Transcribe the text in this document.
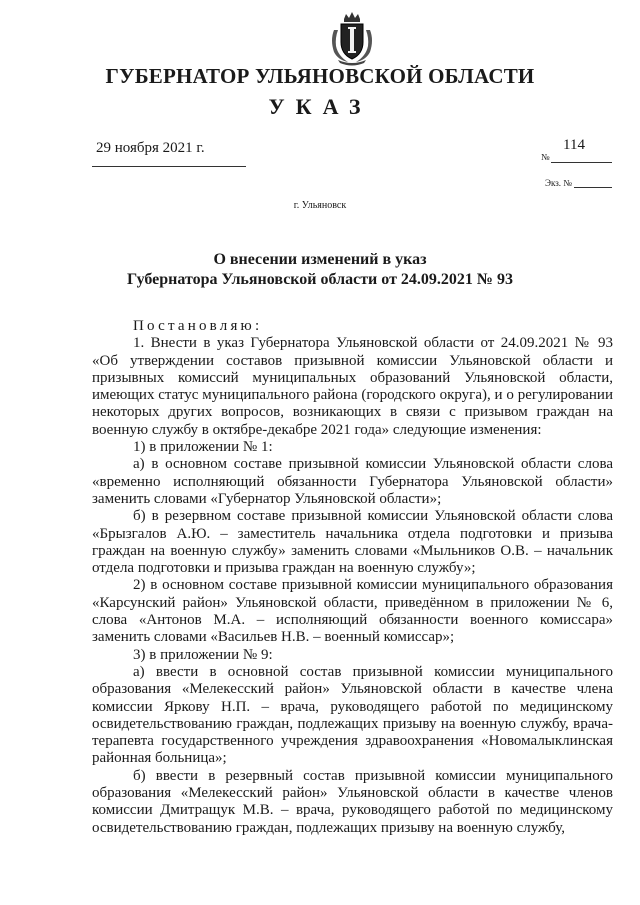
ГУБЕРНАТОР УЛЬЯНОВСКОЙ ОБЛАСТИ
УКАЗ
29 ноября 2021 г.
№
114
Экз. №
г. Ульяновск
О внесении изменений в указ
Губернатора Ульяновской области от 24.09.2021 № 93

Постановляю:

1. Внести в указ Губернатора Ульяновской области от 24.09.2021 № 93 «Об утверждении составов призывной комиссии Ульяновской области и призывных комиссий муниципальных образований Ульяновской области, имеющих статус муниципального района (городского округа), и о регулировании некоторых других вопросов, возникающих в связи с призывом граждан на военную службу в октябре-декабре 2021 года» следующие изменения:

1) в приложении № 1:

а) в основном составе призывной комиссии Ульяновской области слова «временно исполняющий обязанности Губернатора Ульяновской области» заменить словами «Губернатор Ульяновской области»;

б) в резервном составе призывной комиссии Ульяновской области слова «Брызгалов А.Ю. – заместитель начальника отдела подготовки и призыва граждан на военную службу» заменить словами «Мыльников О.В. – начальник отдела подготовки и призыва граждан на военную службу»;

2) в основном составе призывной комиссии муниципального образования «Карсунский район» Ульяновской области, приведённом в приложении № 6, слова «Антонов М.А. – исполняющий обязанности военного комиссара» заменить словами «Васильев Н.В. – военный комиссар»;

3) в приложении № 9:

а) ввести в основной состав призывной комиссии муниципального образования «Мелекесский район» Ульяновской области в качестве члена комиссии Яркову Н.П. – врача, руководящего работой по медицинскому освидетельствованию граждан, подлежащих призыву на военную службу, врача-терапевта государственного учреждения здравоохранения «Новомалыклинская районная больница»;

б) ввести в резервный состав призывной комиссии муниципального образования «Мелекесский район» Ульяновской области в качестве членов комиссии Дмитращук М.В. – врача, руководящего работой по медицинскому освидетельствованию граждан, подлежащих призыву на военную службу,
